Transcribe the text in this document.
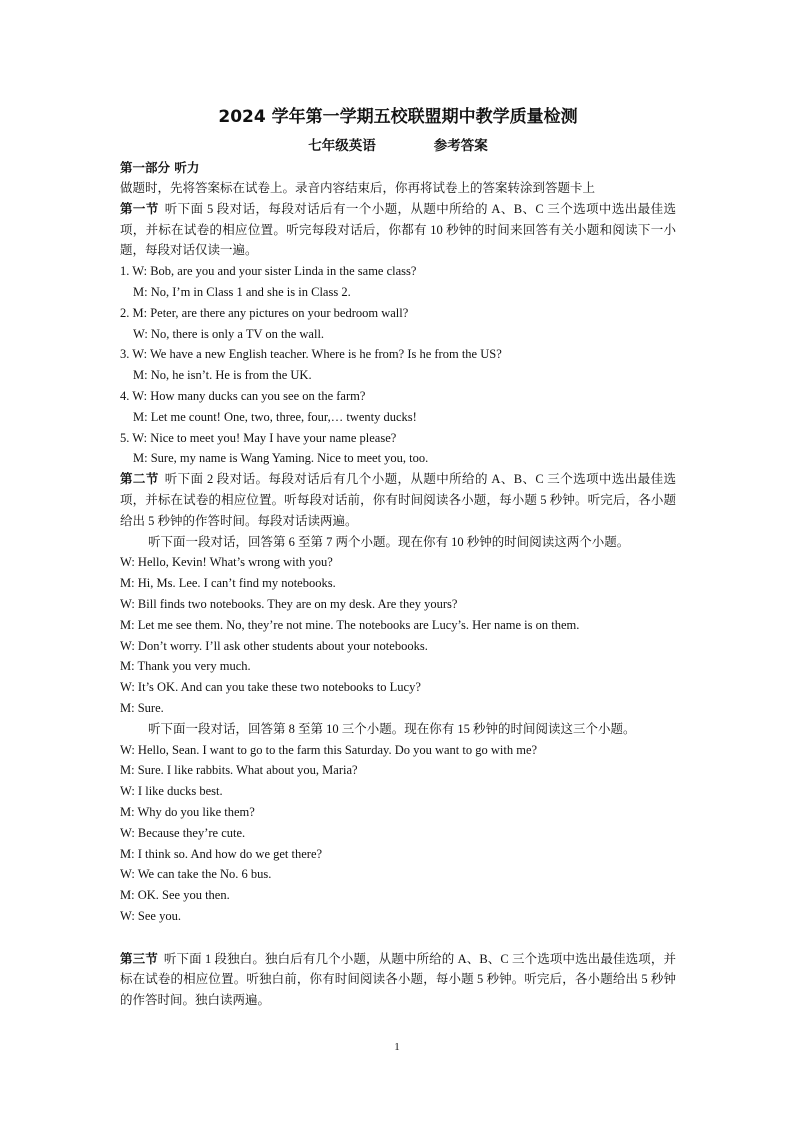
2024 学年第一学期五校联盟期中教学质量检测
七年级英语	参考答案
第一部分 听力
做题时，先将答案标在试卷上。录音内容结束后，你再将试卷上的答案转涂到答题卡上
第一节 听下面 5 段对话，每段对话后有一个小题，从题中所给的 A、B、C 三个选项中选出最佳选项，并标在试卷的相应位置。听完每段对话后，你都有 10 秒钟的时间来回答有关小题和阅读下一小题，每段对话仅读一遍。
1. W: Bob, are you and your sister Linda in the same class?
M: No, I’m in Class 1 and she is in Class 2.
2. M: Peter, are there any pictures on your bedroom wall?
W: No, there is only a TV on the wall.
3. W: We have a new English teacher. Where is he from? Is he from the US?
M: No, he isn’t. He is from the UK.
4. W: How many ducks can you see on the farm?
M: Let me count! One, two, three, four,… twenty ducks!
5. W: Nice to meet you! May I have your name please?
M: Sure, my name is Wang Yaming. Nice to meet you, too.
第二节 听下面 2 段对话。每段对话后有几个小题，从题中所给的 A、B、C 三个选项中选出最佳选项，并标在试卷的相应位置。听每段对话前，你有时间阅读各小题，每小题 5 秒钟。听完后，各小题给出 5 秒钟的作答时间。每段对话读两遍。
听下面一段对话，回答第 6 至第 7 两个小题。现在你有 10 秒钟的时间阅读这两个小题。
W: Hello, Kevin! What’s wrong with you?
M: Hi, Ms. Lee. I can’t find my notebooks.
W: Bill finds two notebooks. They are on my desk. Are they yours?
M: Let me see them. No, they’re not mine. The notebooks are Lucy’s. Her name is on them.
W: Don’t worry. I’ll ask other students about your notebooks.
M: Thank you very much.
W: It’s OK. And can you take these two notebooks to Lucy?
M: Sure.
听下面一段对话，回答第 8 至第 10 三个小题。现在你有 15 秒钟的时间阅读这三个小题。
W: Hello, Sean. I want to go to the farm this Saturday. Do you want to go with me?
M: Sure. I like rabbits. What about you, Maria?
W: I like ducks best.
M: Why do you like them?
W: Because they’re cute.
M: I think so. And how do we get there?
W: We can take the No. 6 bus.
M: OK. See you then.
W: See you.
第三节 听下面 1 段独白。独白后有几个小题，从题中所给的 A、B、C 三个选项中选出最佳选项，并标在试卷的相应位置。听独白前，你有时间阅读各小题，每小题 5 秒钟。听完后，各小题给出 5 秒钟的作答时间。独白读两遍。
1
